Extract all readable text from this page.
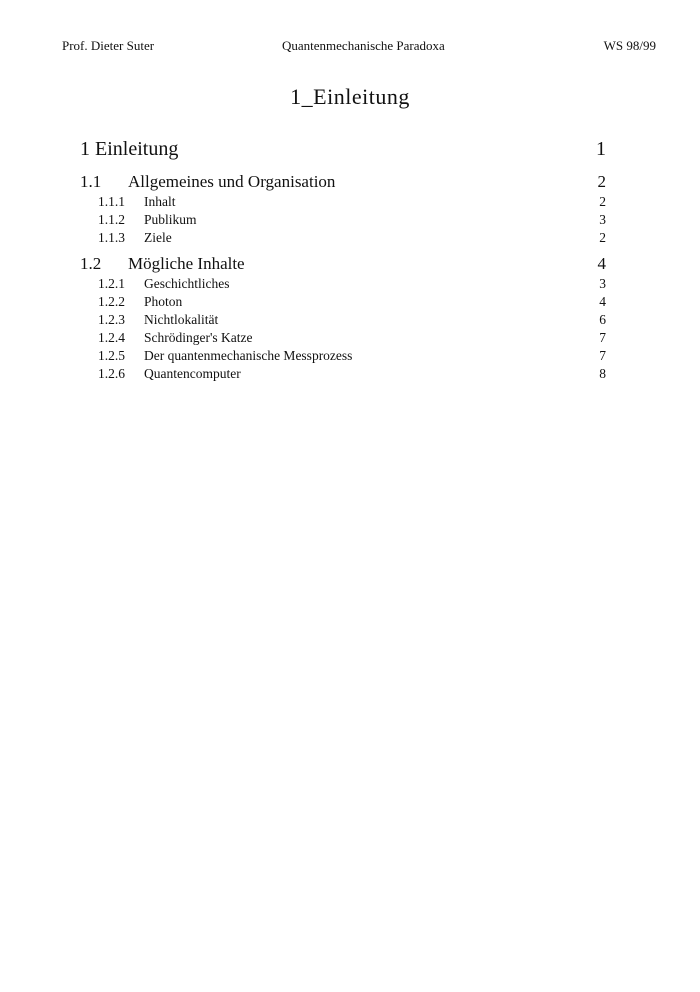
Prof. Dieter Suter	Quantenmechanische Paradoxa	WS 98/99
1_Einleitung
1 Einleitung	1
1.1 Allgemeines und Organisation	2
1.1.1 Inhalt	2
1.1.2 Publikum	3
1.1.3 Ziele	2
1.2 Mögliche Inhalte	4
1.2.1 Geschichtliches	3
1.2.2 Photon	4
1.2.3 Nichtlokalität	6
1.2.4 Schrödinger's Katze	7
1.2.5 Der quantenmechanische Messprozess	7
1.2.6 Quantencomputer	8
